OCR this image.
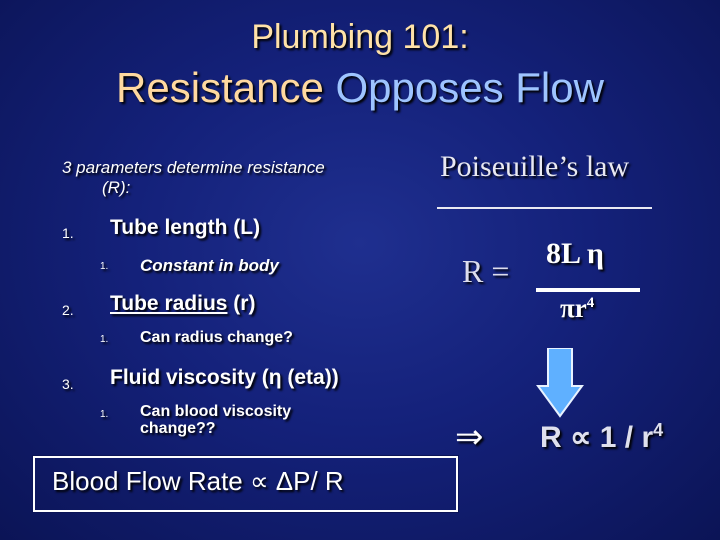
Plumbing 101:
Resistance Opposes Flow
3 parameters determine resistance
(R):
1. Tube length (L)
1. Constant in body
2. Tube radius (r)
1. Can radius change?
3. Fluid viscosity (η (eta))
1. Can blood viscosity
change??
Poiseuille’s law
R = 8L η
$\pi r^4$
⇒ $R \propto 1 / r^4$
Blood Flow Rate ∝ ΔP/ R
